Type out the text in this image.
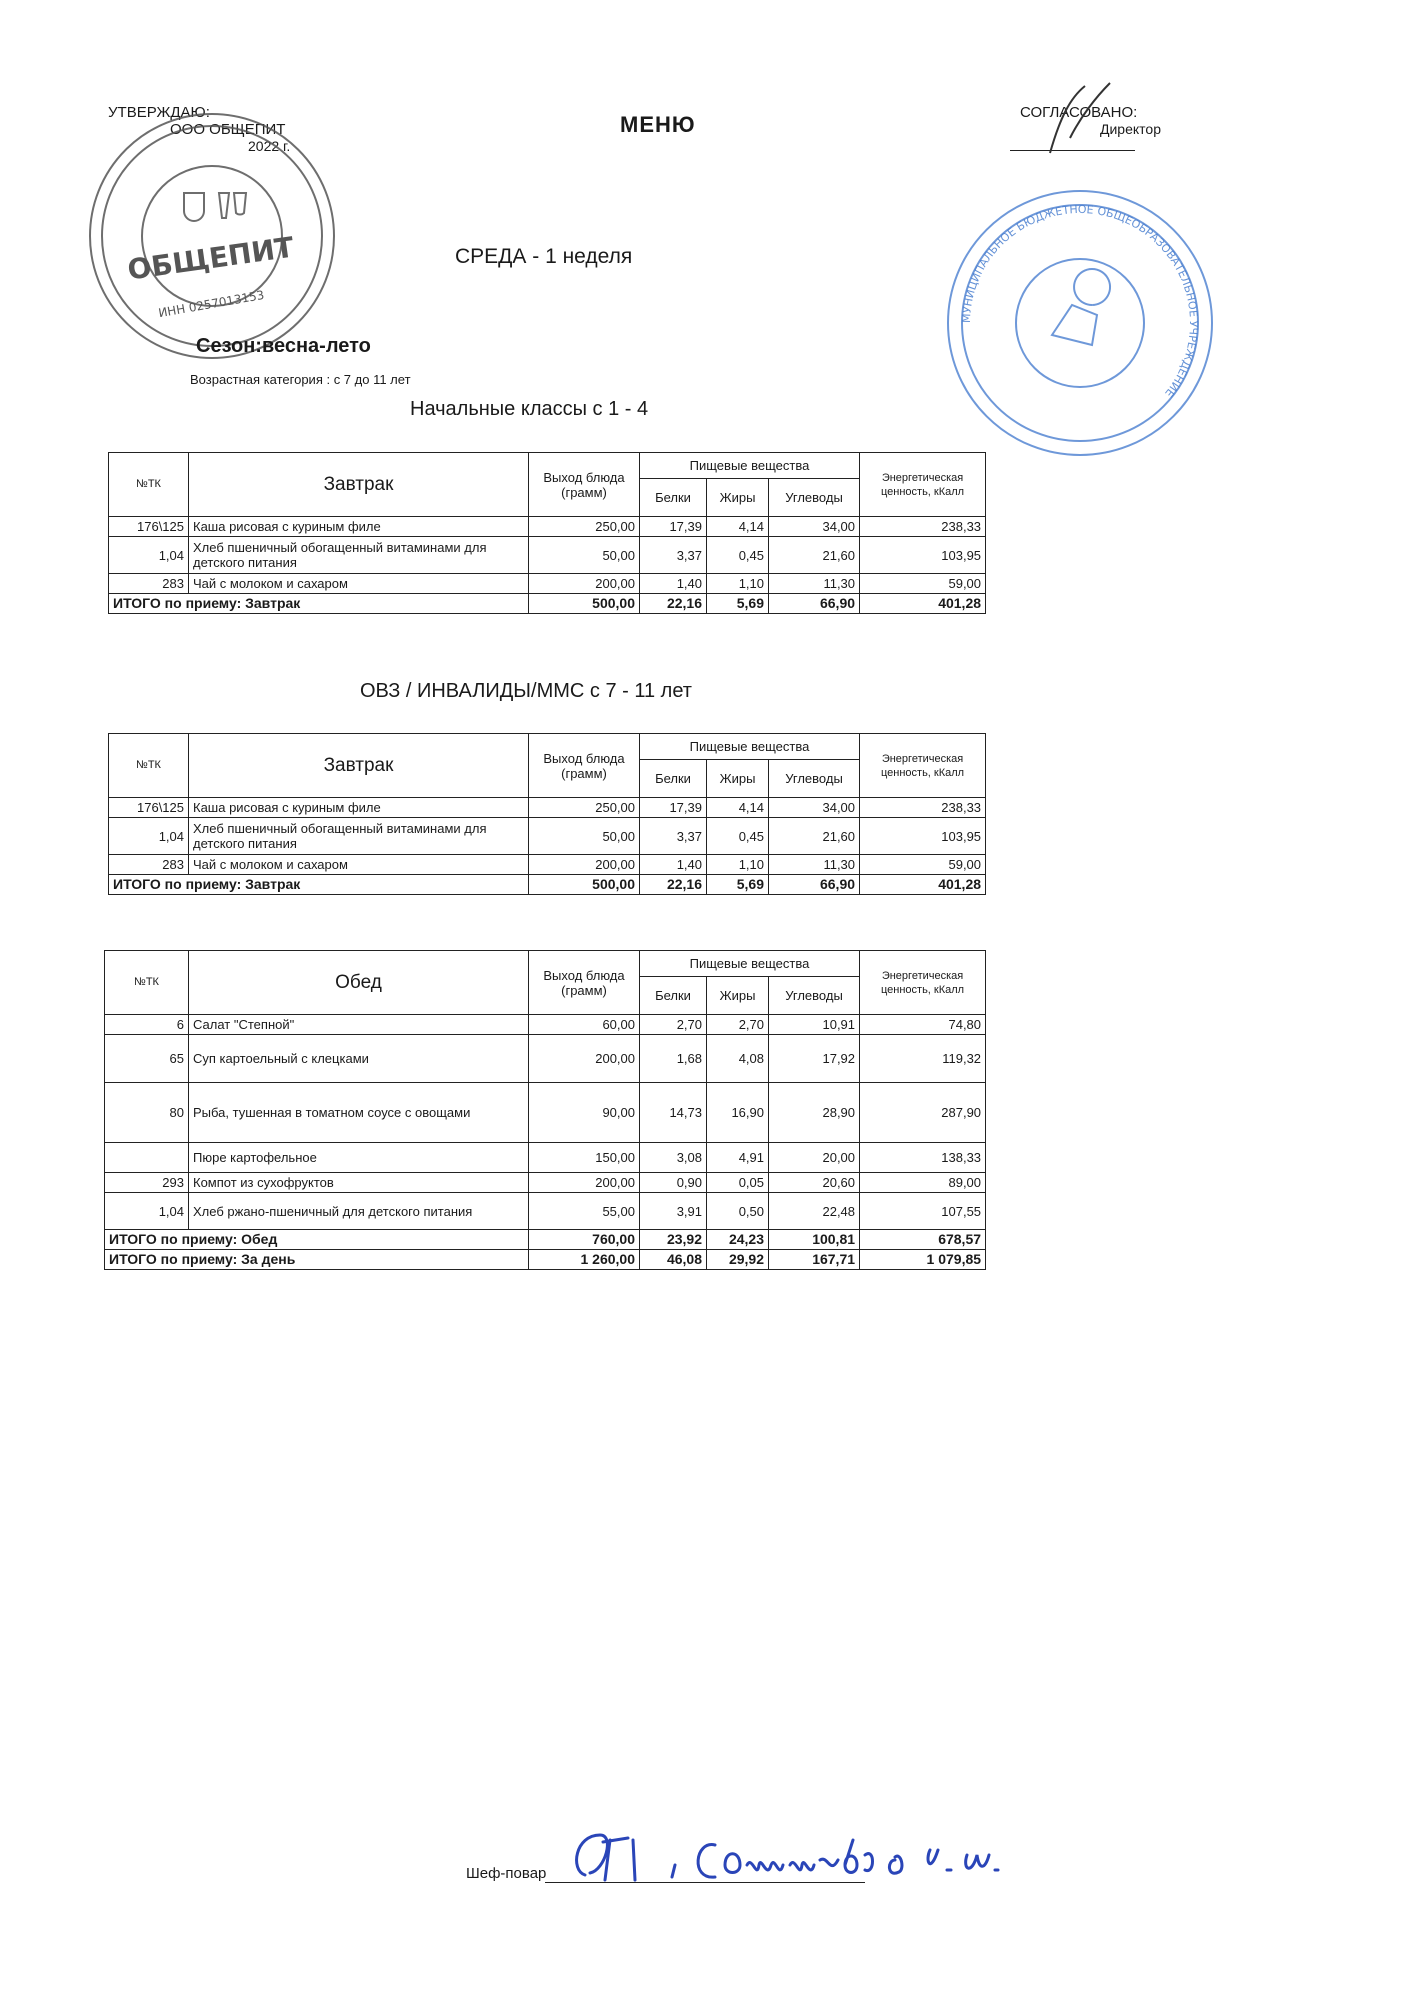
УТВЕРЖДАЮ:
ООО ОБЩЕПИТ
2022 г.
ОБЩЕПИТ
ИНН 0257013153
МЕНЮ	СОГЛАСОВАНО:
Директор
МУНИЦИПАЛЬНОЕ БЮДЖЕТНОЕ ОБЩЕОБРАЗОВАТЕЛЬНОЕ УЧРЕЖДЕНИЕ
СРЕДА - 1 неделя
Сезон:весна-лето
Возрастная категория : с 7 до 11 лет
Начальные классы с 1 - 4
№ТК	Завтрак	Выход блюда (грамм)	Пищевые вещества			Энергетическая ценность, кКалл
			Белки	Жиры	Углеводы	
176\125	Каша рисовая с куриным филе	250,00	17,39	4,14	34,00	238,33
1,04	Хлеб пшеничный обогащенный витаминами для детского питания	50,00	3,37	0,45	21,60	103,95
283	Чай с молоком и сахаром	200,00	1,40	1,10	11,30	59,00
ИТОГО по приему: Завтрак		500,00	22,16	5,69	66,90	401,28
ОВЗ / ИНВАЛИДЫ/ММС с 7 - 11 лет
№ТК	Завтрак	Выход блюда (грамм)	Пищевые вещества			Энергетическая ценность, кКалл
			Белки	Жиры	Углеводы	
176\125	Каша рисовая с куриным филе	250,00	17,39	4,14	34,00	238,33
1,04	Хлеб пшеничный обогащенный витаминами для детского питания	50,00	3,37	0,45	21,60	103,95
283	Чай с молоком и сахаром	200,00	1,40	1,10	11,30	59,00
ИТОГО по приему: Завтрак		500,00	22,16	5,69	66,90	401,28
№ТК	Обед	Выход блюда (грамм)	Пищевые вещества			Энергетическая ценность, кКалл
			Белки	Жиры	Углеводы	
6	Салат "Степной"	60,00	2,70	2,70	10,91	74,80
65	Суп картоельный с клецками	200,00	1,68	4,08	17,92	119,32
80	Рыба, тушенная в томатном соусе с овощами	90,00	14,73	16,90	28,90	287,90
	Пюре картофельное	150,00	3,08	4,91	20,00	138,33
293	Компот из сухофруктов	200,00	0,90	0,05	20,60	89,00
1,04	Хлеб ржано-пшеничный для детского питания	55,00	3,91	0,50	22,48	107,55
ИТОГО по приему: Обед		760,00	23,92	24,23	100,81	678,57
ИТОГО по приему: За день		1 260,00	46,08	29,92	167,71	1 079,85
Шеф-повар
